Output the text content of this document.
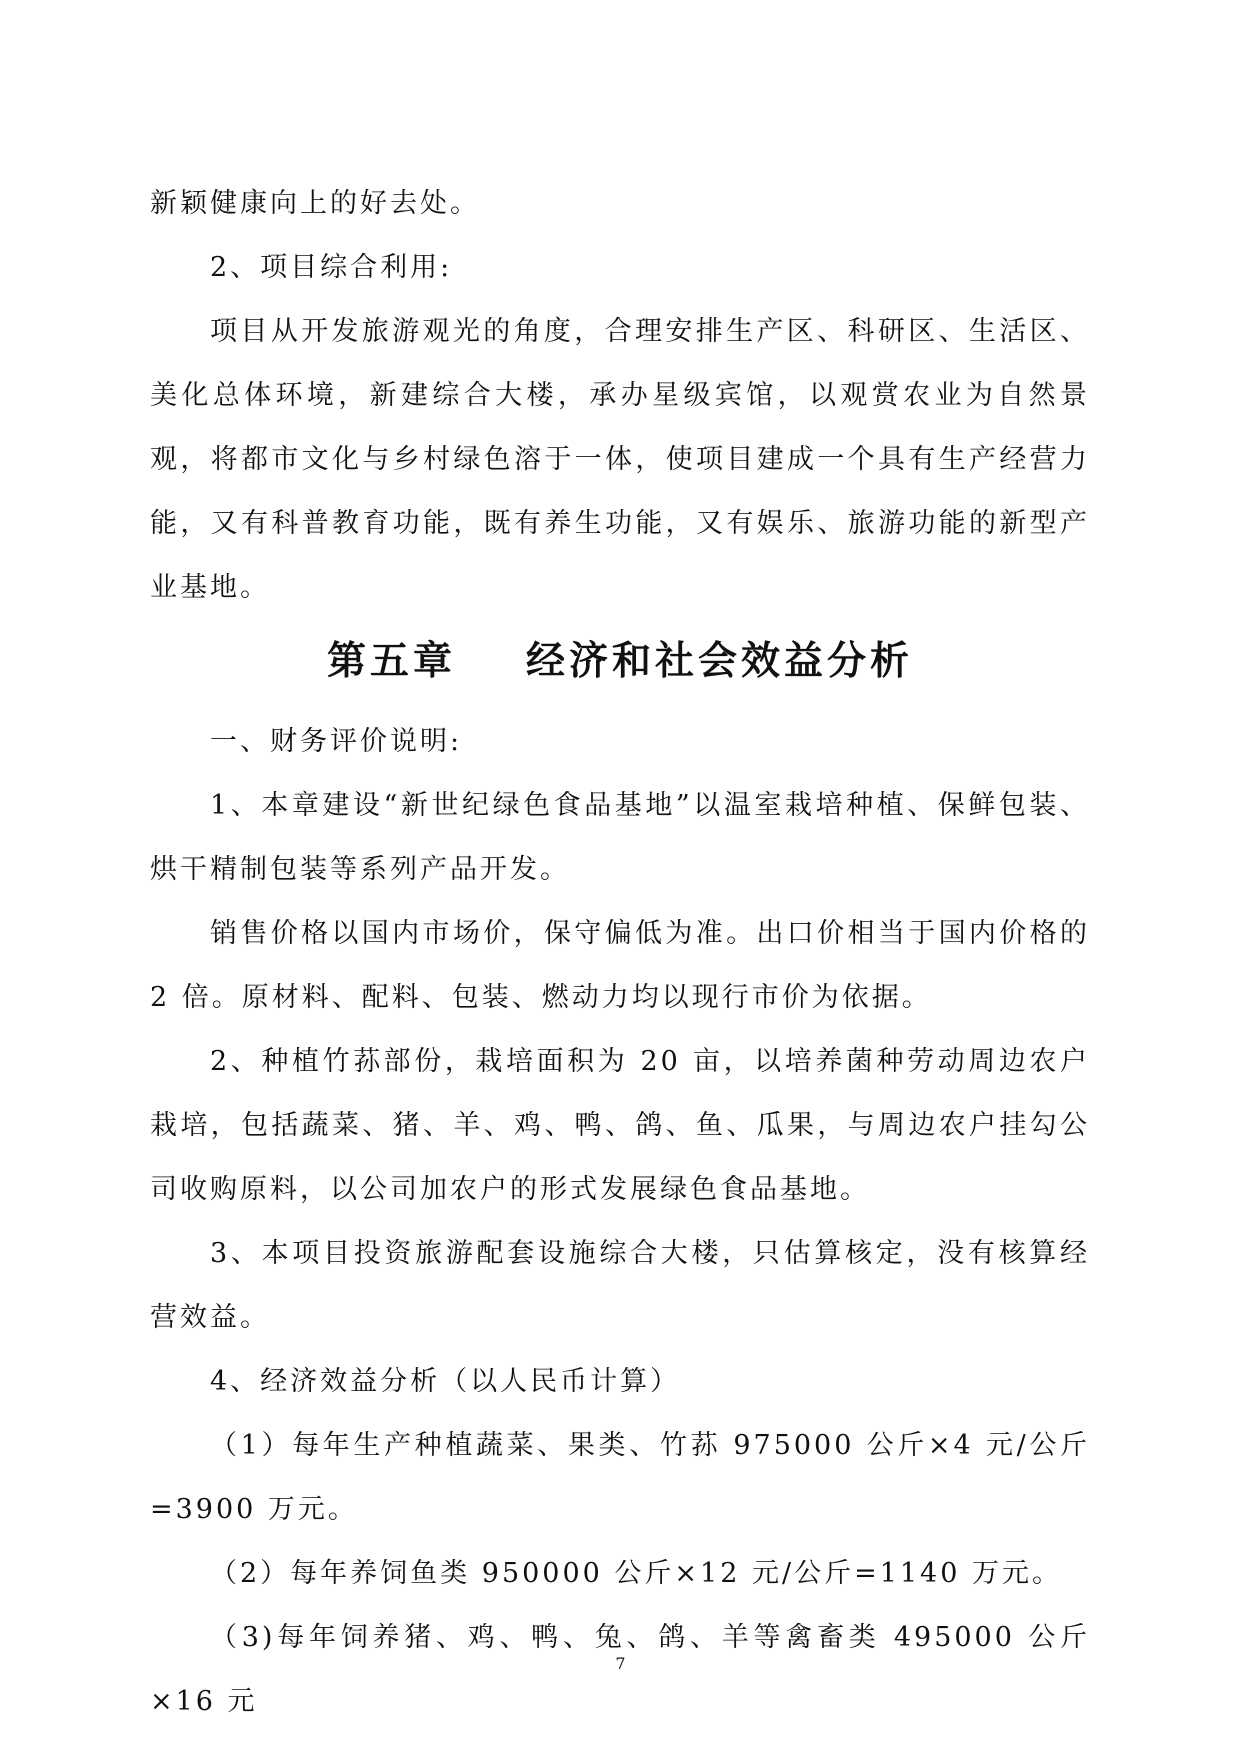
新颖健康向上的好去处。

2、项目综合利用:

项目从开发旅游观光的角度，合理安排生产区、科研区、生活区、美化总体环境，新建综合大楼，承办星级宾馆，以观赏农业为自然景观，将都市文化与乡村绿色溶于一体，使项目建成一个具有生产经营力能，又有科普教育功能，既有养生功能，又有娱乐、旅游功能的新型产业基地。

第五章 经济和社会效益分析

一、财务评价说明:

1、本章建设“新世纪绿色食品基地”以温室栽培种植、保鲜包装、烘干精制包装等系列产品开发。

销售价格以国内市场价，保守偏低为准。出口价相当于国内价格的 2 倍。原材料、配料、包装、燃动力均以现行市价为依据。

2、种植竹荪部份，栽培面积为 20 亩，以培养菌种劳动周边农户栽培，包括蔬菜、猪、羊、鸡、鸭、鸽、鱼、瓜果，与周边农户挂勾公司收购原料，以公司加农户的形式发展绿色食品基地。

3、本项目投资旅游配套设施综合大楼，只估算核定，没有核算经营效益。

4、经济效益分析（以人民币计算）

（1）每年生产种植蔬菜、果类、竹荪 975000 公斤×4 元/公斤=3900 万元。

（2）每年养饲鱼类 950000 公斤×12 元/公斤=1140 万元。

（3)每年饲养猪、鸡、鸭、兔、鸽、羊等禽畜类 495000 公斤×16 元

7
